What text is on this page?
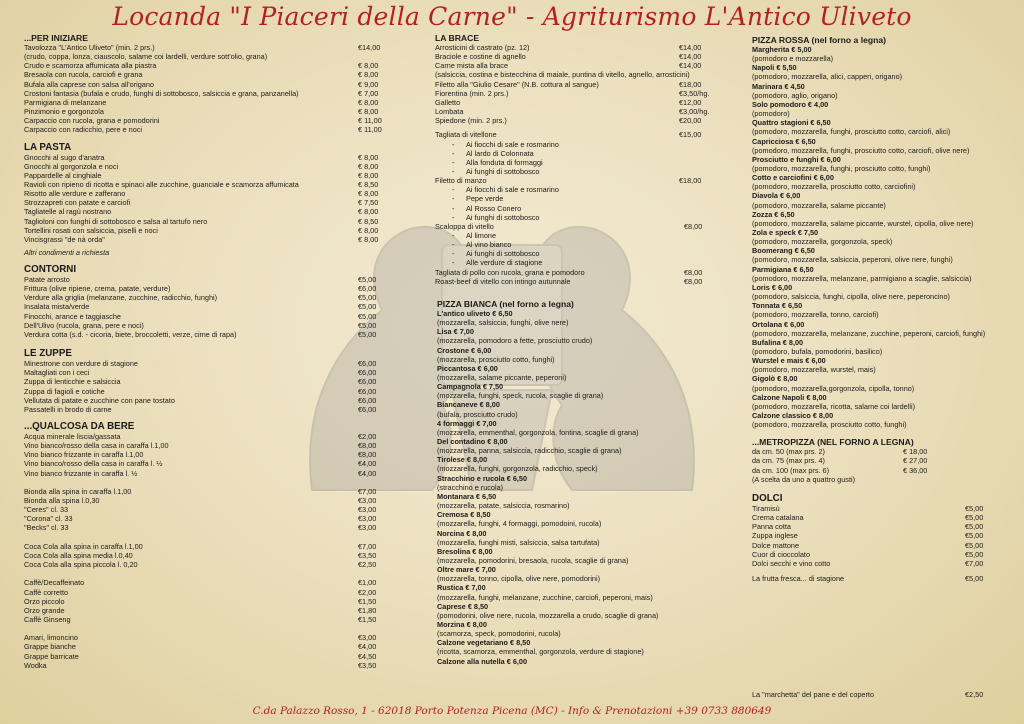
Locanda "I Piaceri della Carne" - Agriturismo L'Antico Uliveto
...PER INIZIARE
Tavolozza "L'Antico Uliveto" (min. 2 prs.)	€14,00
(crudo, coppa, lonza, ciauscolo, salame coi lardelli, verdure sott'olio, grana)
Crudo e scamorza affumicata alla piastra	€ 8,00
Bresaola con rucola, carciofi e grana	€ 8,00
Bufala alla caprese con salsa all'origano	€ 9,00
Crostoni fantasia (bufala e crudo, funghi di sottobosco, salsiccia e grana, panzanella)	€ 7,00
Parmigiana di melanzane	€ 8,00
Pinzimonio e gorgonzola	€ 8,00
Carpaccio con rucola, grana e pomodorini	€ 11,00
Carpaccio con radicchio, pere e noci	€ 11,00
LA PASTA
Gnocchi al sugo d'anatra	€ 8,00
Gnocchi al gorgonzola e noci	€ 8,00
Pappardelle al cinghiale	€ 8,00
Ravioli con ripieno di ricotta e spinaci alle zucchine, guanciale e scamorza affumicata	€ 8,50
Risotto alle verdure e zafferano	€ 8,00
Strozzapreti con patate e carciofi	€ 7,50
Tagliatelle al ragù nostrano	€ 8,00
Taglioloni con funghi di sottobosco e salsa al tartufo nero	€ 8,50
Tortellini rosati con salsiccia, piselli e noci	€ 8,00
Vincisgrassi "de nà orda"	€ 8,00
Altri condimenti a richiesta
CONTORNI
Patate arrosto	€5,00
Frittura (olive ripiene, crema, patate, verdure)	€6,00
Verdure alla griglia (melanzane, zucchine, radicchio, funghi)	€5,00
Insalata mista/verde	€5,00
Finocchi, arance e taggiasche	€5,00
Dell'Ulivo (rucola, grana, pere e noci)	€5,00
Verdura cotta (s.d. - cicoria, biete, broccoletti, verze, cime di rapa)	€5,00
LE ZUPPE
Minestrone con verdure di stagione	€6,00
Maltagliati con i ceci	€6,00
Zuppa di lenticchie e salsiccia	€6,00
Zuppa di fagioli e cotiche	€6,00
Vellutata di patate e zucchine con pane tostato	€6,00
Passatelli in brodo di carne	€6,00
...QUALCOSA DA BERE
Acqua minerale liscia/gassata	€2,00
Vino bianco/rosso della casa in caraffa l.1,00	€8,00
Vino bianco frizzante in caraffa l.1,00	€8,00
Vino bianco/rosso della casa in caraffa l. ½	€4,00
Vino bianco frizzante in caraffa l. ½	€4,00
Bionda alla spina in caraffa l.1,00	€7,00
Bionda alla spina l.0,30	€3,00
"Ceres" cl. 33	€3,00
"Corona" cl. 33	€3,00
"Becks" cl. 33	€3,00
Coca Cola alla spina in caraffa l.1,00	€7,00
Coca Cola alla spina media l.0,40	€3,50
Coca Cola alla spina piccola l. 0,20	€2,50
Caffè/Decaffeinato	€1,00
Caffè corretto	€2,00
Orzo piccolo	€1,50
Orzo grande	€1,80
Caffè Ginseng	€1,50
Amari, limoncino	€3,00
Grappe bianche	€4,00
Grappe barricate	€4,50
Wodka	€3,50
LA BRACE
Arrosticini di castrato (pz. 12)	€14,00
Braciole e costine di agnello	€14,00
Carne mista alla brace	€14,00
(salsiccia, costina e bistecchina di maiale, puntina di vitello, agnello, arrosticini)
Filetto alla "Giulio Cesare" (N.B. cottura al sangue)	€18,00
Fiorentina (min. 2 prs.)	€3,50/hg.
Galletto	€12,00
Lombata	€3,00/hg.
Spiedone (min. 2 prs.)	€20,00
Tagliata di vitellone	€15,00
- Ai fiocchi di sale e rosmarino
- Al lardo di Colonnata
- Alla fonduta di formaggi
- Ai funghi di sottobosco
Filetto di manzo	€18,00
- Ai fiocchi di sale e rosmarino
- Pepe verde
- Al Rosso Conero
- Ai funghi di sottobosco
Scaloppa di vitello	€8,00
- Al limone
- Al vino bianco
- Ai funghi di sottobosco
- Alle verdure di stagione
Tagliata di pollo con rucola, grana e pomodoro	€8,00
Roast-beef di vitello con intingo autunnale	€8,00
PIZZA BIANCA (nel forno a legna)
L'antico uliveto € 6,50
(mozzarella, salsiccia, funghi, olive nere)
Lisa € 7,00
(mozzarella, pomodoro a fette, prosciutto crudo)
Crostone € 6,00
(mozzarella, prosciutto cotto, funghi)
Piccantosa € 6,00
(mozzarella, salame piccante, peperoni)
Campagnola € 7,50
(mozzarella, funghi, speck, rucola, scaglie di grana)
Biancaneve € 8,00
(bufala, prosciutto crudo)
4 formaggi € 7,00
(mozzarella, emmenthal, gorgonzola, fontina, scaglie di grana)
Del contadino € 8,00
(mozzarella, panna, salsiccia, radicchio, scaglie di grana)
Tirolese € 8,00
(mozzarella, funghi, gorgonzola, radicchio, speck)
Stracchino e rucola € 6,50
(stracchino e rucola)
Montanara € 6,50
(mozzarella, patate, salsiccia, rosmarino)
Cremosa € 8,50
(mozzarella, funghi, 4 formaggi, pomodoini, rucola)
Norcina € 8,00
(mozzarella, funghi misti, salsiccia, salsa tartufata)
Bresolina € 8,00
(mozzarella, pomodorini, bresaola, rucola, scaglie di grana)
Oltre mare € 7,00
(mozzarella, tonno, cipolla, olive nere, pomodorini)
Rustica € 7,00
(mozzarella, funghi, melanzane, zucchine, carciofi, peperoni, mais)
Caprese € 8,50
(pomodorini, olive nere, rucola, mozzarella a crudo, scaglie di grana)
Morzina € 8,00
(scamorza, speck, pomodorini, rucola)
Calzone vegetariano € 8,50
(ricotta, scamorza, emmenthal, gorgonzola, verdure di stagione)
Calzone alla nutella € 6,00
PIZZA ROSSA (nel forno a legna)
Margherita € 5,00
(pomodoro e mozzarella)
Napoli € 5,50
(pomodoro, mozzarella, alici, capperi, origano)
Marinara € 4,50
(pomodoro, aglio, origano)
Solo pomodoro € 4,00
(pomodoro)
Quattro stagioni € 6,50
(pomodoro, mozzarella, funghi, prosciutto cotto, carciofi, alici)
Capricciosa € 6,50
(pomodoro, mozzarella, funghi, prosciutto cotto, carciofi, olive nere)
Prosciutto e funghi € 6,00
(pomodoro, mozzarella, funghi, prosciutto cotto, funghi)
Cotto e carciofini € 6,00
(pomodoro, mozzarella, prosciutto cotto, carciofini)
Diavola € 6,00
(pomodoro, mozzarella, salame piccante)
Zozza € 6,50
(pomodoro, mozzarella, salame piccante, wurstel, cipolla, olive nere)
Zola e speck € 7,50
(pomodoro, mozzarella, gorgonzola, speck)
Boomerang € 6,50
(pomodoro, mozzarella, salsiccia, peperoni, olive nere, funghi)
Parmigiana € 6,50
(pomodoro, mozzarella, melanzane, parmigiano a scaglie, salsiccia)
Loris € 6,00
(pomodoro, salsiccia, funghi, cipolla, olive nere, peperoncino)
Tonnata € 6,50
(pomodoro, mozzarella, tonno, carciofi)
Ortolana € 6,00
(pomodoro, mozzarella, melanzane, zucchine, peperoni, carciofi, funghi)
Bufalina € 8,00
(pomodoro, bufala, pomodorini, basilico)
Wurstel e mais € 6,00
(pomodoro, mozzarella, wurstel, mais)
Gigolò € 8,00
(pomodoro, mozzarella,gorgonzola, cipolla, tonno)
Calzone Napoli € 8,00
(pomodoro, mozzarella, ricotta, salame coi lardelli)
Calzone classico € 8,00
(pomodoro, mozzarella, prosciutto cotto, funghi)
...METROPIZZA (NEL FORNO A LEGNA)
da cm. 50 (max prs. 2)	€ 18,00
da cm. 75 (max prs. 4)	€ 27,00
da cm. 100 (max prs. 6)	€ 36,00
(A scelta da uno a quattro gusti)
DOLCI
Tiramisù	€5,00
Crema catalana	€5,00
Panna cotta	€5,00
Zuppa inglese	€5,00
Dolce mattone	€5,00
Cuor di cioccolato	€5,00
Dolci secchi e vino cotto	€7,00
La frutta fresca... di stagione	€5,00
La "marchetta" del pane e del coperto	€2,50
C.da Palazzo Rosso, 1 - 62018 Porto Potenza Picena (MC) - Info & Prenotazioni +39 0733 880649
